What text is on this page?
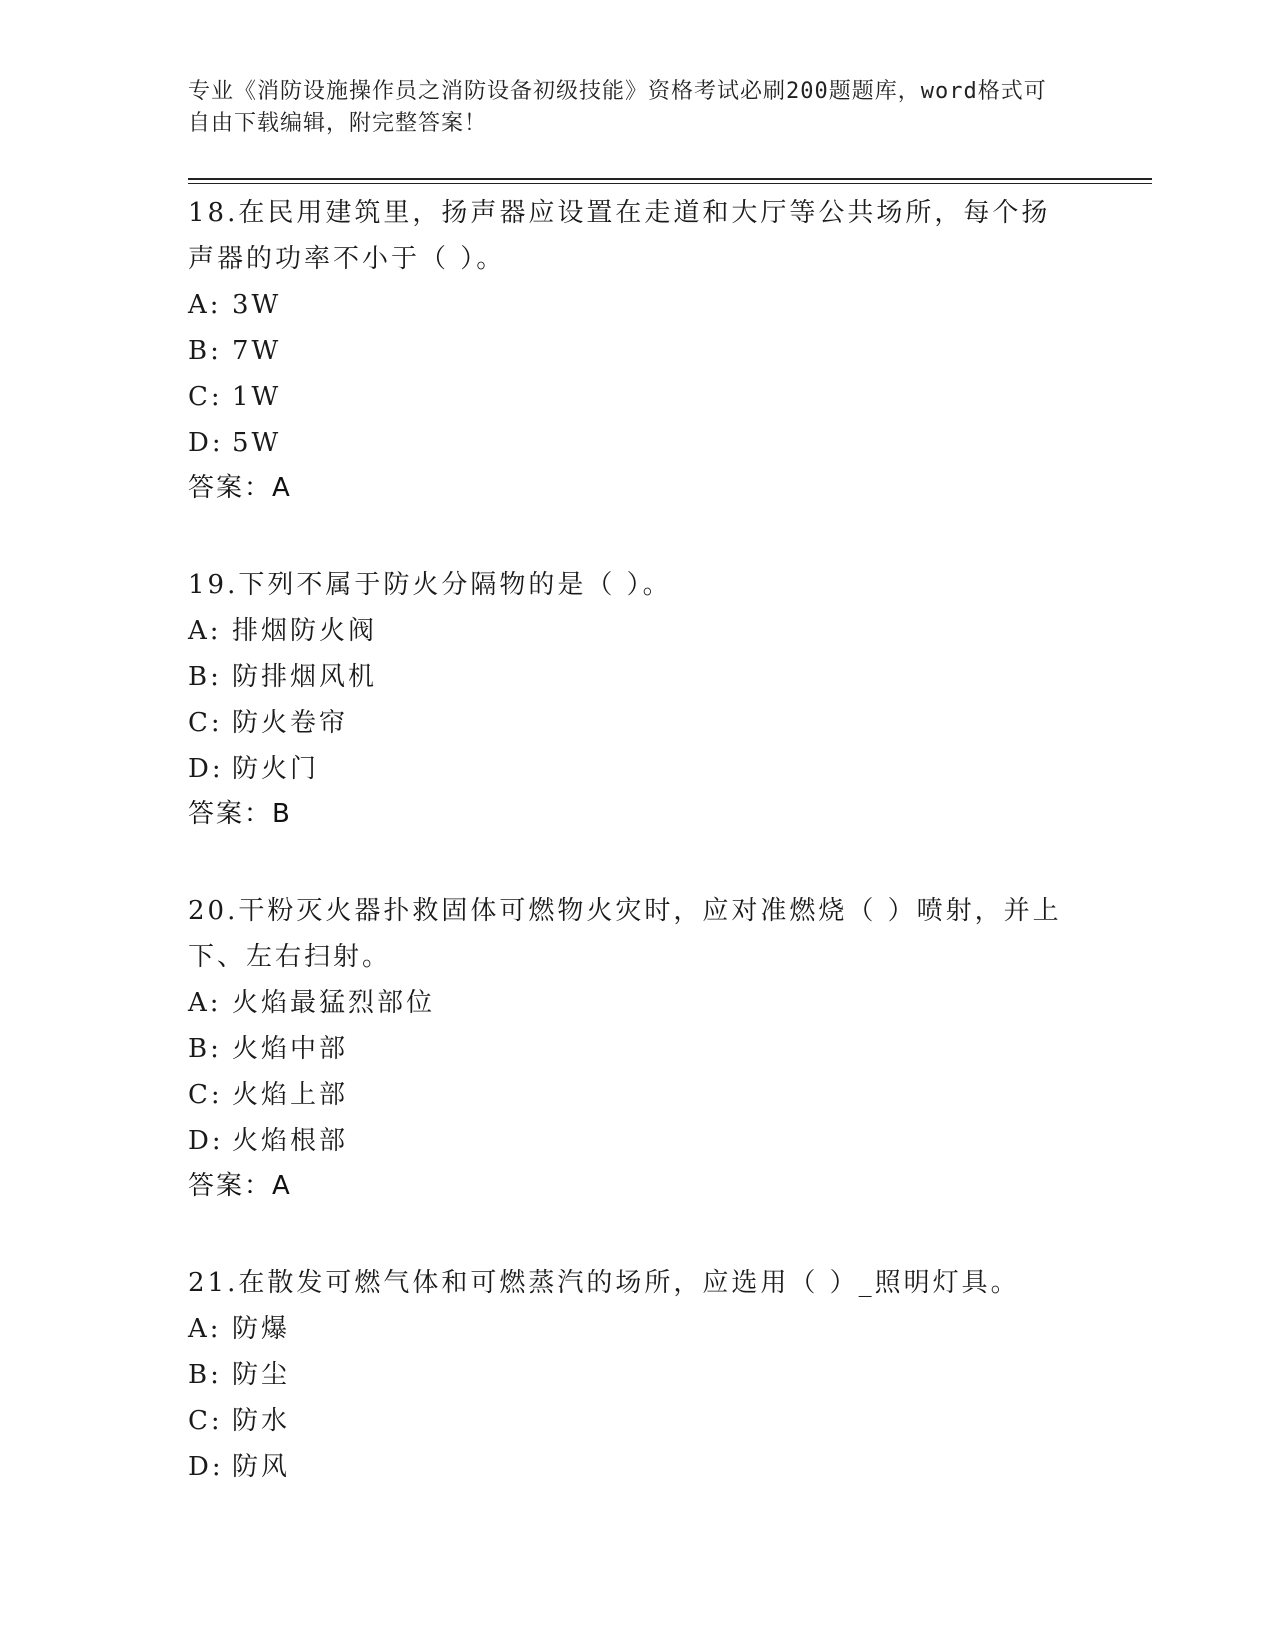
专业《消防设施操作员之消防设备初级技能》资格考试必刷200题题库，word格式可自由下载编辑，附完整答案！
18.在民用建筑里，扬声器应设置在走道和大厅等公共场所，每个扬声器的功率不小于（ ）。
A: 3W
B: 7W
C: 1W
D: 5W
答案：A
19.下列不属于防火分隔物的是（ ）。
A: 排烟防火阀
B: 防排烟风机
C: 防火卷帘
D: 防火门
答案：B
20.干粉灭火器扑救固体可燃物火灾时，应对准燃烧（ ）喷射，并上下、左右扫射。
A: 火焰最猛烈部位
B: 火焰中部
C: 火焰上部
D: 火焰根部
答案：A
21.在散发可燃气体和可燃蒸汽的场所，应选用（ ）_照明灯具。
A: 防爆
B: 防尘
C: 防水
D: 防风
